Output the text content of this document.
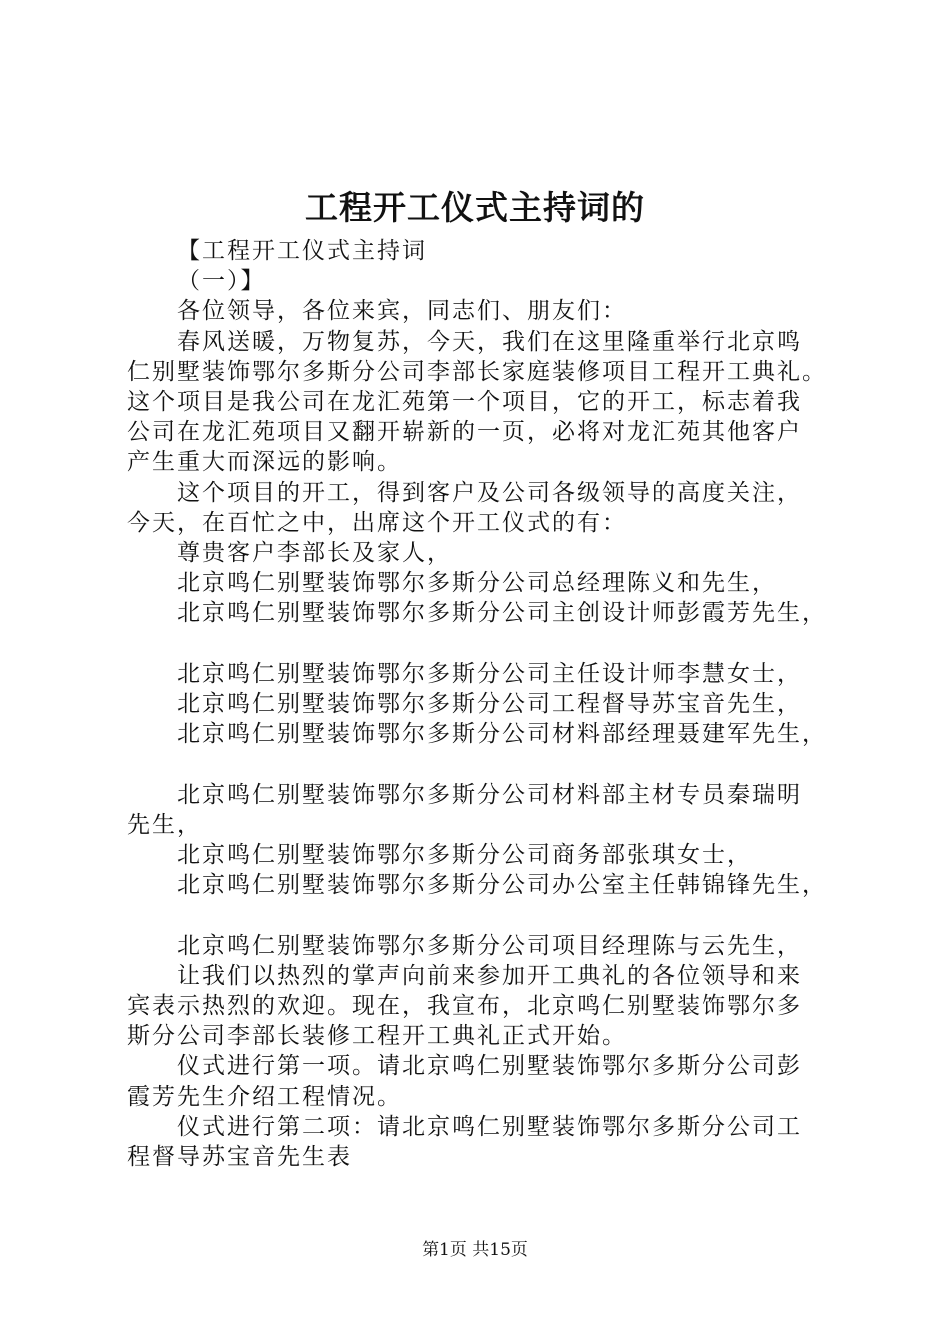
工程开工仪式主持词的
【工程开工仪式主持词
（一）】
各位领导，各位来宾，同志们、朋友们：
春风送暖，万物复苏，今天，我们在这里隆重举行北京鸣
仁别墅装饰鄂尔多斯分公司李部长家庭装修项目工程开工典礼。
这个项目是我公司在龙汇苑第一个项目，它的开工，标志着我
公司在龙汇苑项目又翻开崭新的一页，必将对龙汇苑其他客户
产生重大而深远的影响。
这个项目的开工，得到客户及公司各级领导的高度关注，
今天，在百忙之中，出席这个开工仪式的有：
尊贵客户李部长及家人，
北京鸣仁别墅装饰鄂尔多斯分公司总经理陈义和先生，
北京鸣仁别墅装饰鄂尔多斯分公司主创设计师彭霞芳先生，
北京鸣仁别墅装饰鄂尔多斯分公司主任设计师李慧女士，
北京鸣仁别墅装饰鄂尔多斯分公司工程督导苏宝音先生，
北京鸣仁别墅装饰鄂尔多斯分公司材料部经理聂建军先生，
北京鸣仁别墅装饰鄂尔多斯分公司材料部主材专员秦瑞明
先生，
北京鸣仁别墅装饰鄂尔多斯分公司商务部张琪女士，
北京鸣仁别墅装饰鄂尔多斯分公司办公室主任韩锦锋先生，
北京鸣仁别墅装饰鄂尔多斯分公司项目经理陈与云先生，
让我们以热烈的掌声向前来参加开工典礼的各位领导和来
宾表示热烈的欢迎。现在，我宣布，北京鸣仁别墅装饰鄂尔多
斯分公司李部长装修工程开工典礼正式开始。
仪式进行第一项。请北京鸣仁别墅装饰鄂尔多斯分公司彭
霞芳先生介绍工程情况。
仪式进行第二项：请北京鸣仁别墅装饰鄂尔多斯分公司工
程督导苏宝音先生表
第1页 共15页
